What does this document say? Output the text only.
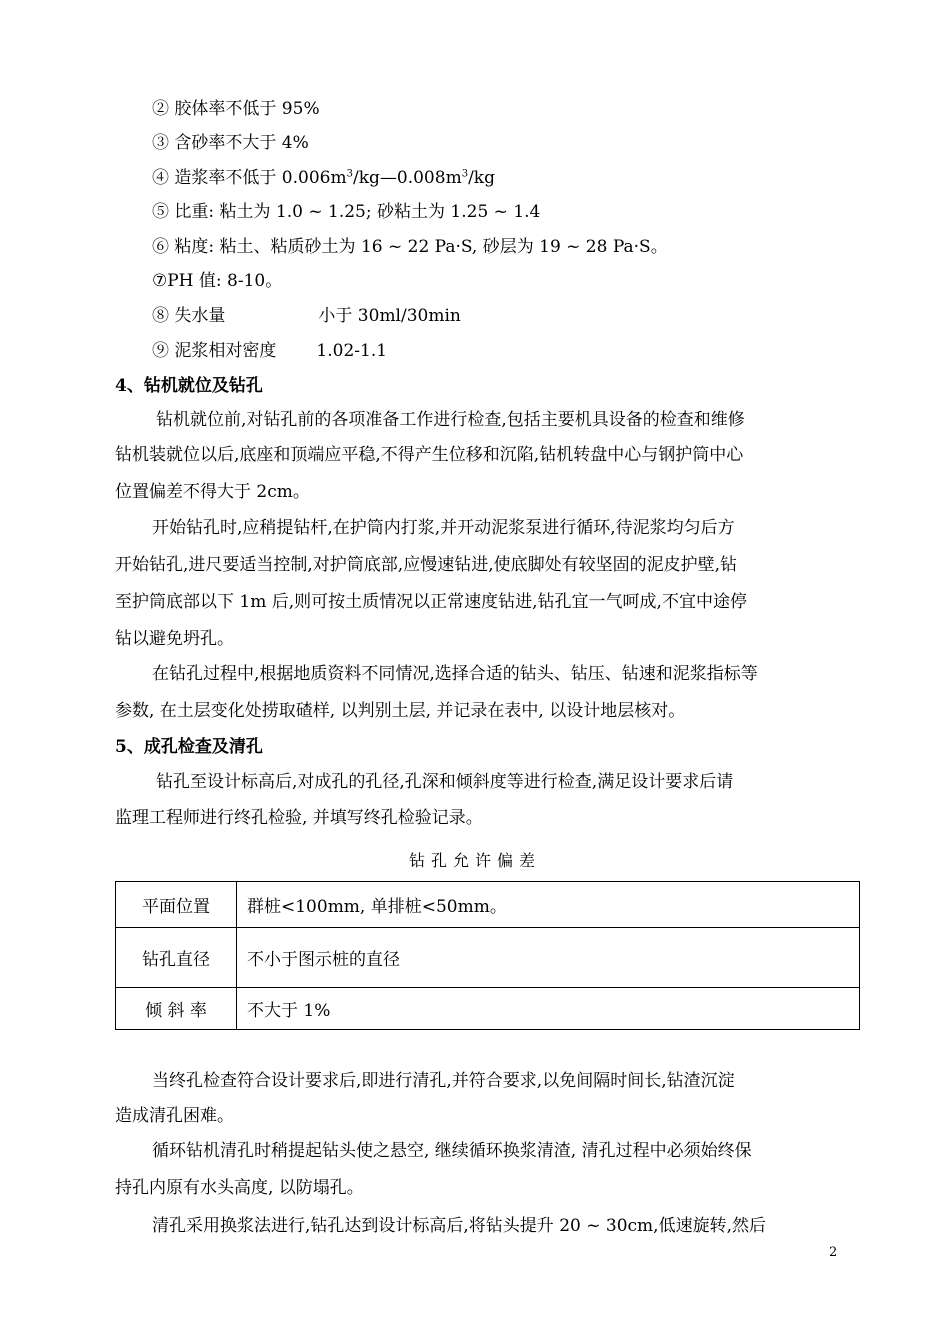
② 胶体率不低于 95%
③ 含砂率不大于 4%
④ 造浆率不低于 $0.006m^3/kg—0.008m^3/kg$
⑤ 比重: 粘土为 1.0 ~ 1.25; 砂粘土为 1.25 ~ 1.4
⑥ 粘度: 粘土、粘质砂土为 16 ~ 22 Pa·S, 砂层为 19 ~ 28 Pa·S。
⑦PH 值: 8-10。
⑧ 失水量	小于 30ml/30min
⑨ 泥浆相对密度 1.02-1.1
4、钻机就位及钻孔
钻机就位前,对钻孔前的各项准备工作进行检查,包括主要机具设备的检查和维修
钻机装就位以后,底座和顶端应平稳,不得产生位移和沉陷,钻机转盘中心与钢护筒中心
位置偏差不得大于 2cm。
开始钻孔时,应稍提钻杆,在护筒内打浆,并开动泥浆泵进行循环,待泥浆均匀后方
开始钻孔,进尺要适当控制,对护筒底部,应慢速钻进,使底脚处有较坚固的泥皮护壁,钻
至护筒底部以下 1m 后,则可按土质情况以正常速度钻进,钻孔宜一气呵成,不宜中途停
钻以避免坍孔。
在钻孔过程中,根据地质资料不同情况,选择合适的钻头、钻压、钻速和泥浆指标等
参数, 在土层变化处捞取碴样, 以判别土层, 并记录在表中, 以设计地层核对。
5、成孔检查及清孔
钻孔至设计标高后,对成孔的孔径,孔深和倾斜度等进行检查,满足设计要求后请
监理工程师进行终孔检验, 并填写终孔检验记录。
钻孔允许偏差
平面位置	群桩<100mm, 单排桩<50mm。
钻孔直径	不小于图示桩的直径
倾 斜 率	不大于 1%
当终孔检查符合设计要求后,即进行清孔,并符合要求,以免间隔时间长,钻渣沉淀
造成清孔困难。
循环钻机清孔时稍提起钻头使之悬空, 继续循环换浆清渣, 清孔过程中必须始终保
持孔内原有水头高度, 以防塌孔。
清孔采用换浆法进行,钻孔达到设计标高后,将钻头提升 20 ~ 30cm,低速旋转,然后
2
